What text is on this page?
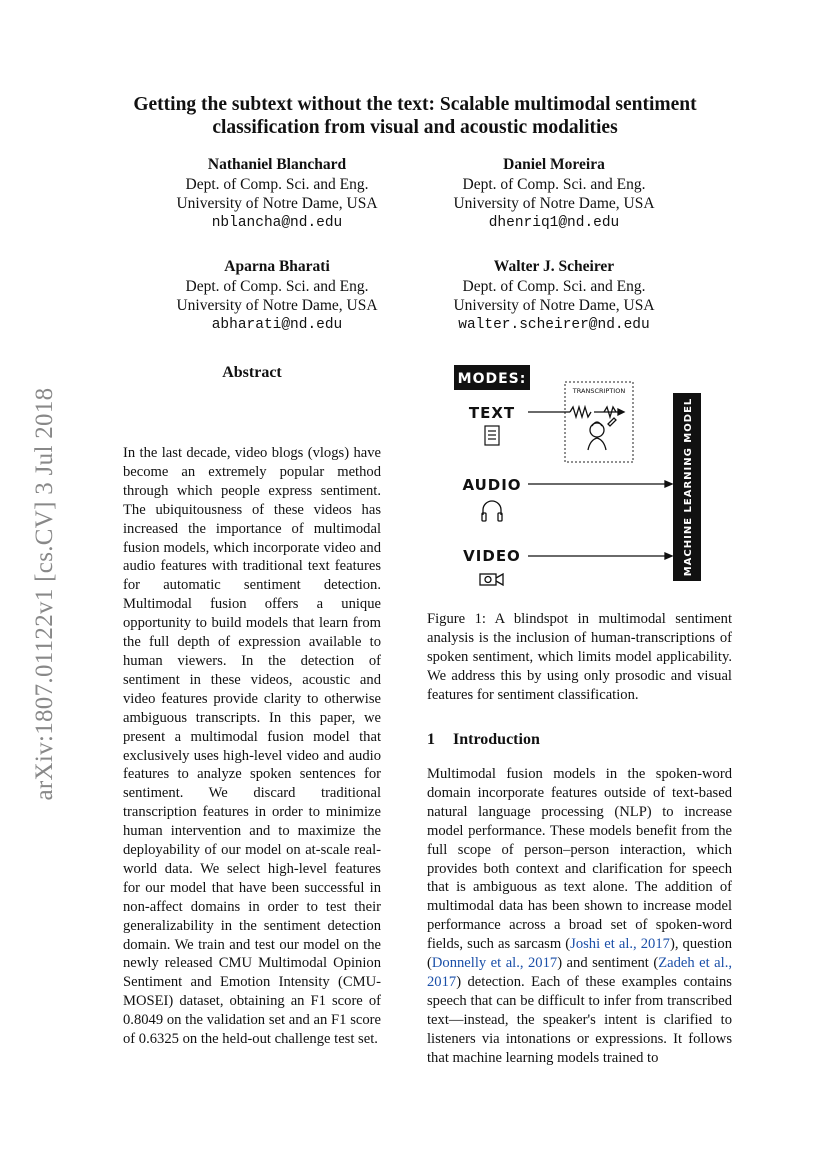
Getting the subtext without the text: Scalable multimodal sentiment classification from visual and acoustic modalities
Nathaniel Blanchard
Dept. of Comp. Sci. and Eng.
University of Notre Dame, USA
nblancha@nd.edu
Daniel Moreira
Dept. of Comp. Sci. and Eng.
University of Notre Dame, USA
dhenriq1@nd.edu
Aparna Bharati
Dept. of Comp. Sci. and Eng.
University of Notre Dame, USA
abharati@nd.edu
Walter J. Scheirer
Dept. of Comp. Sci. and Eng.
University of Notre Dame, USA
walter.scheirer@nd.edu
arXiv:1807.01122v1 [cs.CV] 3 Jul 2018
Abstract
In the last decade, video blogs (vlogs) have become an extremely popular method through which people express sentiment. The ubiquitousness of these videos has increased the importance of multimodal fusion models, which incorporate video and audio features with traditional text features for automatic sentiment detection. Multimodal fusion offers a unique opportunity to build models that learn from the full depth of expression available to human viewers. In the detection of sentiment in these videos, acoustic and video features provide clarity to otherwise ambiguous transcripts. In this paper, we present a multimodal fusion model that exclusively uses high-level video and audio features to analyze spoken sentences for sentiment. We discard traditional transcription features in order to minimize human intervention and to maximize the deployability of our model on at-scale real-world data. We select high-level features for our model that have been successful in non-affect domains in order to test their generalizability in the sentiment detection domain. We train and test our model on the newly released CMU Multimodal Opinion Sentiment and Emotion Intensity (CMU-MOSEI) dataset, obtaining an F1 score of 0.8049 on the validation set and an F1 score of 0.6325 on the held-out challenge test set.
MODES:
TRANSCRIPTION
TEXT
AUDIO
VIDEO	MACHINE LEARNING MODEL
Figure 1: A blindspot in multimodal sentiment analysis is the inclusion of human-transcriptions of spoken sentiment, which limits model applicability. We address this by using only prosodic and visual features for sentiment classification.
1 Introduction
Multimodal fusion models in the spoken-word domain incorporate features outside of text-based natural language processing (NLP) to increase model performance. These models benefit from the full scope of person–person interaction, which provides both context and clarification for speech that is ambiguous as text alone. The addition of multimodal data has been shown to increase model performance across a broad set of spoken-word fields, such as sarcasm (Joshi et al., 2017), question (Donnelly et al., 2017) and sentiment (Zadeh et al., 2017) detection. Each of these examples contains speech that can be difficult to infer from transcribed text—instead, the speaker's intent is clarified to listeners via intonations or expressions. It follows that machine learning models trained to
